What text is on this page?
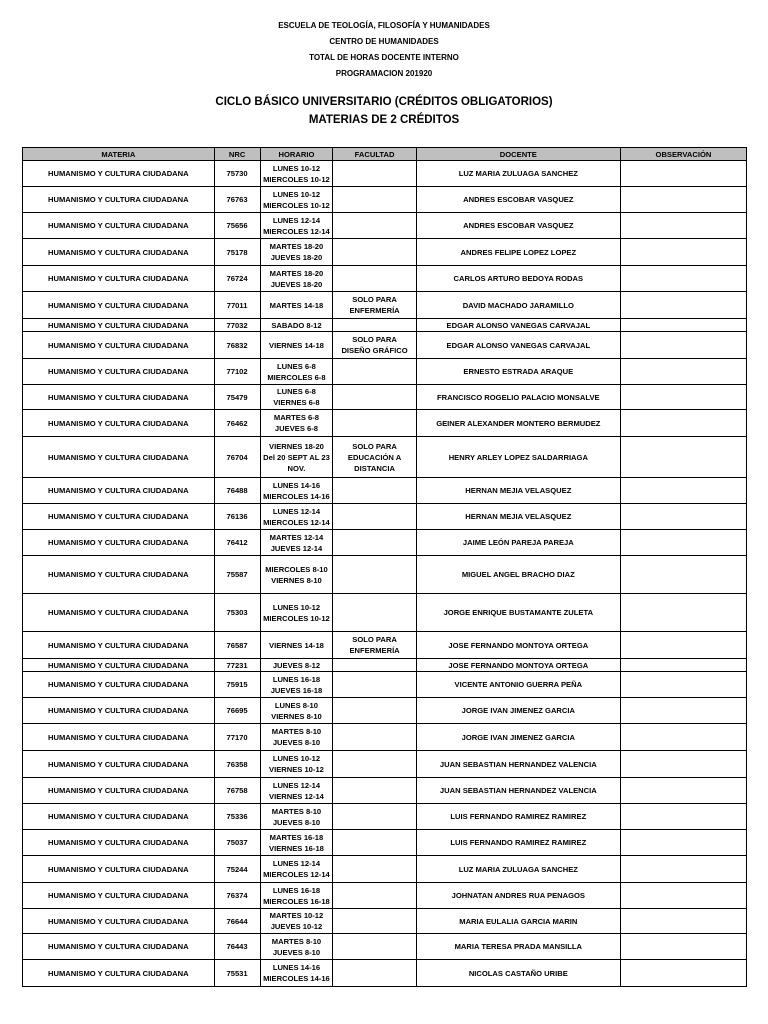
ESCUELA DE TEOLOGÍA, FILOSOFÍA Y HUMANIDADES
CENTRO DE HUMANIDADES
TOTAL DE HORAS DOCENTE INTERNO
PROGRAMACION 201920
CICLO BÁSICO UNIVERSITARIO (CRÉDITOS OBLIGATORIOS)
MATERIAS DE 2 CRÉDITOS
MATERIA	NRC	HORARIO	FACULTAD	DOCENTE	OBSERVACIÓN
HUMANISMO Y CULTURA CIUDADANA	75730	LUNES 10-12
MIERCOLES 10-12		LUZ MARIA ZULUAGA SANCHEZ	
HUMANISMO Y CULTURA CIUDADANA	76763	LUNES 10-12
MIERCOLES 10-12		ANDRES ESCOBAR VASQUEZ	
HUMANISMO Y CULTURA CIUDADANA	75656	LUNES 12-14
MIERCOLES 12-14		ANDRES ESCOBAR VASQUEZ	
HUMANISMO Y CULTURA CIUDADANA	75178	MARTES 18-20
JUEVES 18-20		ANDRES FELIPE LOPEZ LOPEZ	
HUMANISMO Y CULTURA CIUDADANA	76724	MARTES 18-20
JUEVES 18-20		CARLOS ARTURO BEDOYA RODAS	
HUMANISMO Y CULTURA CIUDADANA	77011	MARTES 14-18	SOLO PARA
ENFERMERÍA	DAVID MACHADO JARAMILLO	
HUMANISMO Y CULTURA CIUDADANA	77032	SABADO 8-12		EDGAR ALONSO VANEGAS CARVAJAL	
HUMANISMO Y CULTURA CIUDADANA	76832	VIERNES 14-18	SOLO PARA
DISEÑO GRÁFICO	EDGAR ALONSO VANEGAS CARVAJAL	
HUMANISMO Y CULTURA CIUDADANA	77102	LUNES 6-8
MIERCOLES 6-8		ERNESTO ESTRADA ARAQUE	
HUMANISMO Y CULTURA CIUDADANA	75479	LUNES 6-8
VIERNES 6-8		FRANCISCO ROGELIO PALACIO MONSALVE	
HUMANISMO Y CULTURA CIUDADANA	76462	MARTES 6-8
JUEVES 6-8		GEINER ALEXANDER MONTERO BERMUDEZ	
HUMANISMO Y CULTURA CIUDADANA	76704	VIERNES 18-20
Del 20 SEPT AL 23
NOV.	SOLO PARA
EDUCACIÓN A
DISTANCIA	HENRY ARLEY LOPEZ SALDARRIAGA	
HUMANISMO Y CULTURA CIUDADANA	76488	LUNES 14-16
MIERCOLES 14-16		HERNAN MEJIA VELASQUEZ	
HUMANISMO Y CULTURA CIUDADANA	76136	LUNES 12-14
MIERCOLES 12-14		HERNAN MEJIA VELASQUEZ	
HUMANISMO Y CULTURA CIUDADANA	76412	MARTES 12-14
JUEVES 12-14		JAIME LEÓN PAREJA PAREJA	
HUMANISMO Y CULTURA CIUDADANA	75587	MIERCOLES 8-10
VIERNES 8-10		MIGUEL ANGEL BRACHO DIAZ	
HUMANISMO Y CULTURA CIUDADANA	75303	LUNES 10-12
MIERCOLES 10-12		JORGE ENRIQUE BUSTAMANTE ZULETA	
HUMANISMO Y CULTURA CIUDADANA	76587	VIERNES 14-18	SOLO PARA
ENFERMERÍA	JOSE FERNANDO MONTOYA ORTEGA	
HUMANISMO Y CULTURA CIUDADANA	77231	JUEVES 8-12		JOSE FERNANDO MONTOYA ORTEGA	
HUMANISMO Y CULTURA CIUDADANA	75915	LUNES 16-18
JUEVES 16-18		VICENTE ANTONIO GUERRA PEÑA	
HUMANISMO Y CULTURA CIUDADANA	76695	LUNES 8-10
VIERNES 8-10		JORGE IVAN JIMENEZ GARCIA	
HUMANISMO Y CULTURA CIUDADANA	77170	MARTES 8-10
JUEVES 8-10		JORGE IVAN JIMENEZ GARCIA	
HUMANISMO Y CULTURA CIUDADANA	76358	LUNES 10-12
VIERNES 10-12		JUAN SEBASTIAN HERNANDEZ VALENCIA	
HUMANISMO Y CULTURA CIUDADANA	76758	LUNES 12-14
VIERNES 12-14		JUAN SEBASTIAN HERNANDEZ VALENCIA	
HUMANISMO Y CULTURA CIUDADANA	75336	MARTES 8-10
JUEVES 8-10		LUIS FERNANDO RAMIREZ RAMIREZ	
HUMANISMO Y CULTURA CIUDADANA	75037	MARTES 16-18
VIERNES 16-18		LUIS FERNANDO RAMIREZ RAMIREZ	
HUMANISMO Y CULTURA CIUDADANA	75244	LUNES 12-14
MIERCOLES 12-14		LUZ MARIA ZULUAGA SANCHEZ	
HUMANISMO Y CULTURA CIUDADANA	76374	LUNES 16-18
MIERCOLES 16-18		JOHNATAN ANDRES RUA PENAGOS	
HUMANISMO Y CULTURA CIUDADANA	76644	MARTES 10-12
JUEVES 10-12		MARIA EULALIA GARCIA MARIN	
HUMANISMO Y CULTURA CIUDADANA	76443	MARTES 8-10
JUEVES 8-10		MARIA TERESA PRADA MANSILLA	
HUMANISMO Y CULTURA CIUDADANA	75531	LUNES 14-16
MIERCOLES 14-16		NICOLAS CASTAÑO URIBE	
